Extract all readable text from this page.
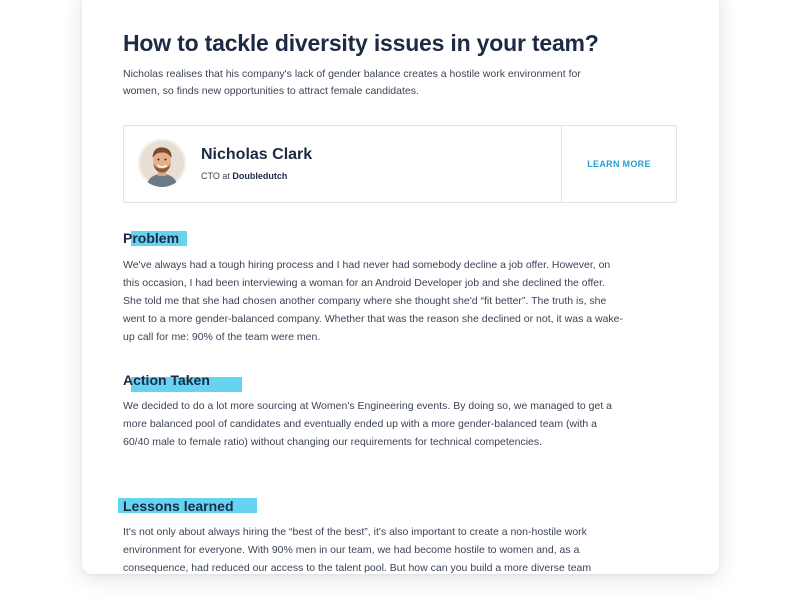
How to tackle diversity issues in your team?

Nicholas realises that his company's lack of gender balance creates a hostile work environment for women, so finds new opportunities to attract female candidates.

Nicholas Clark
CTO at Doubledutch
LEARN MORE
Problem

We've always had a tough hiring process and I had never had somebody decline a job offer. However, on this occasion, I had been interviewing a woman for an Android Developer job and she declined the offer. She told me that she had chosen another company where she thought she'd “fit better”. The truth is, she went to a more gender-balanced company. Whether that was the reason she declined or not, it was a wake-up call for me: 90% of the team were men.

Action Taken

We decided to do a lot more sourcing at Women's Engineering events. By doing so, we managed to get a more balanced pool of candidates and eventually ended up with a more gender-balanced team (with a 60/40 male to female ratio) without changing our requirements for technical competencies.

Lessons learned

It's not only about always hiring the “best of the best”, it's also important to create a non-hostile work environment for everyone. With 90% men in our team, we had become hostile to women and, as a consequence, had reduced our access to the talent pool. But how can you build a more diverse team
